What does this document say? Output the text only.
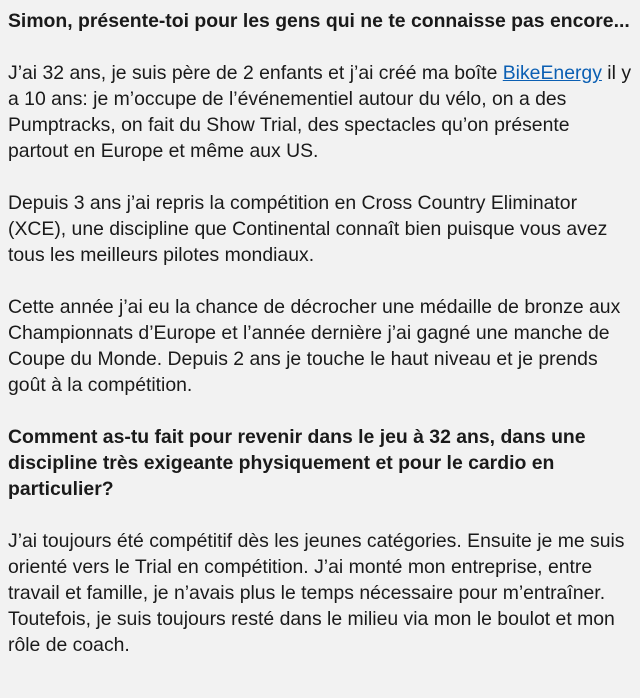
Simon, présente-toi pour les gens qui ne te connaisse pas encore...

J’ai 32 ans, je suis père de 2 enfants et j’ai créé ma boîte BikeEnergy il y a 10 ans: je m’occupe de l’événementiel autour du vélo, on a des Pumptracks, on fait du Show Trial, des spectacles qu’on présente partout en Europe et même aux US.

Depuis 3 ans j’ai repris la compétition en Cross Country Eliminator (XCE), une discipline que Continental connaît bien puisque vous avez tous les meilleurs pilotes mondiaux.

Cette année j’ai eu la chance de décrocher une médaille de bronze aux Championnats d’Europe et l’année dernière j’ai gagné une manche de Coupe du Monde. Depuis 2 ans je touche le haut niveau et je prends goût à la compétition.

Comment as-tu fait pour revenir dans le jeu à 32 ans, dans une discipline très exigeante physiquement et pour le cardio en particulier?

J’ai toujours été compétitif dès les jeunes catégories. Ensuite je me suis orienté vers le Trial en compétition. J’ai monté mon entreprise, entre travail et famille, je n’avais plus le temps nécessaire pour m’entraîner. Toutefois, je suis toujours resté dans le milieu via mon le boulot et mon rôle de coach.
